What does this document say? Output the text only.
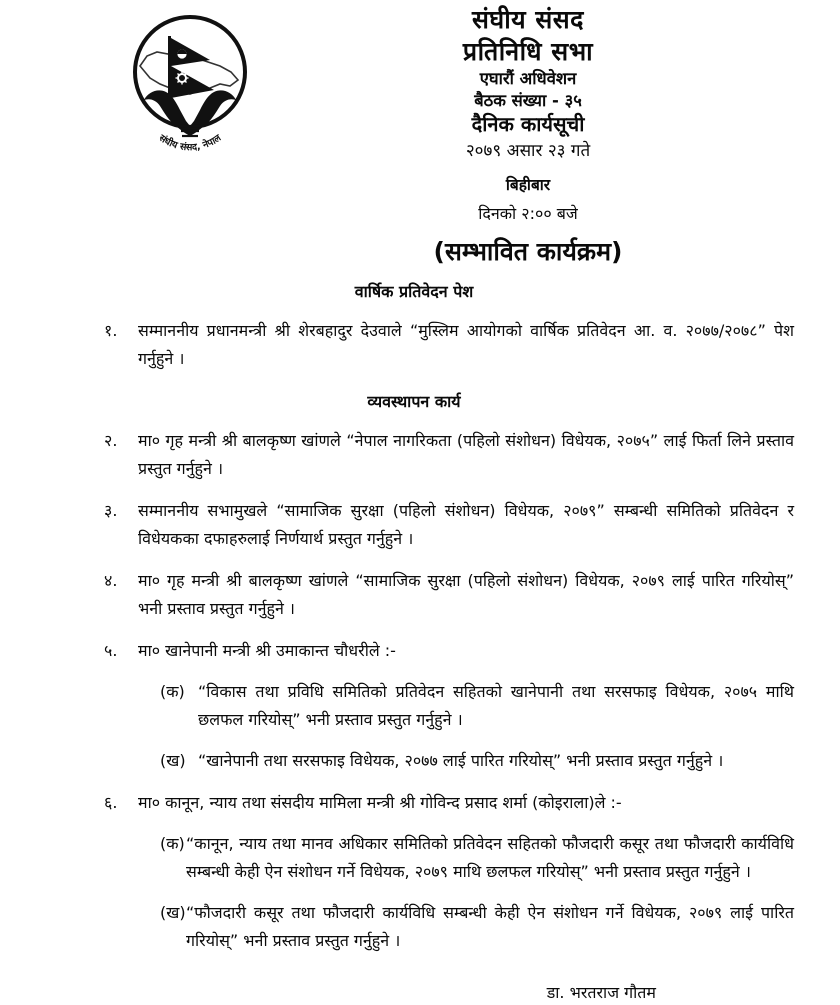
संघीय संसद, नेपाल
संघीय संसद
प्रतिनिधि सभा
एघारौं अधिवेशन
बैठक संख्या - ३५
दैनिक कार्यसूची
२०७९ असार २३ गते
बिहीबार
दिनको २:०० बजे
(सम्भावित कार्यक्रम)
वार्षिक प्रतिवेदन पेश
१.	सम्माननीय प्रधानमन्त्री श्री शेरबहादुर देउवाले “मुस्लिम आयोगको वार्षिक प्रतिवेदन आ. व. २०७७/२०७८” पेश गर्नुहुने ।
व्यवस्थापन कार्य
२.	मा० गृह मन्त्री श्री बालकृष्ण खांणले “नेपाल नागरिकता (पहिलो संशोधन) विधेयक, २०७५” लाई फिर्ता लिने प्रस्ताव प्रस्तुत गर्नुहुने ।
३.	सम्माननीय सभामुखले “सामाजिक सुरक्षा (पहिलो संशोधन) विधेयक, २०७९” सम्बन्धी समितिको प्रतिवेदन र विधेयकका दफाहरुलाई निर्णयार्थ प्रस्तुत गर्नुहुने ।
४.	मा० गृह मन्त्री श्री बालकृष्ण खांणले “सामाजिक सुरक्षा (पहिलो संशोधन) विधेयक, २०७९ लाई पारित गरियोस्” भनी प्रस्ताव प्रस्तुत गर्नुहुने ।
५.	मा० खानेपानी मन्त्री श्री उमाकान्त चौधरीले :-
(क) “विकास तथा प्रविधि समितिको प्रतिवेदन सहितको खानेपानी तथा सरसफाइ विधेयक, २०७५ माथि छलफल गरियोस्” भनी प्रस्ताव प्रस्तुत गर्नुहुने ।
(ख) “खानेपानी तथा सरसफाइ विधेयक, २०७७ लाई पारित गरियोस्” भनी प्रस्ताव प्रस्तुत गर्नुहुने ।
६.	मा० कानून, न्याय तथा संसदीय मामिला मन्त्री श्री गोविन्द प्रसाद शर्मा (कोइराला)ले :-
(क) “कानून, न्याय तथा मानव अधिकार समितिको प्रतिवेदन सहितको फौजदारी कसूर तथा फौजदारी कार्यविधि सम्बन्धी केही ऐन संशोधन गर्ने विधेयक, २०७९ माथि छलफल गरियोस्” भनी प्रस्ताव प्रस्तुत गर्नुहुने ।
(ख) “फौजदारी कसूर तथा फौजदारी कार्यविधि सम्बन्धी केही ऐन संशोधन गर्ने विधेयक, २०७९ लाई पारित गरियोस्” भनी प्रस्ताव प्रस्तुत गर्नुहुने ।
डा. भरतराज गौतम
